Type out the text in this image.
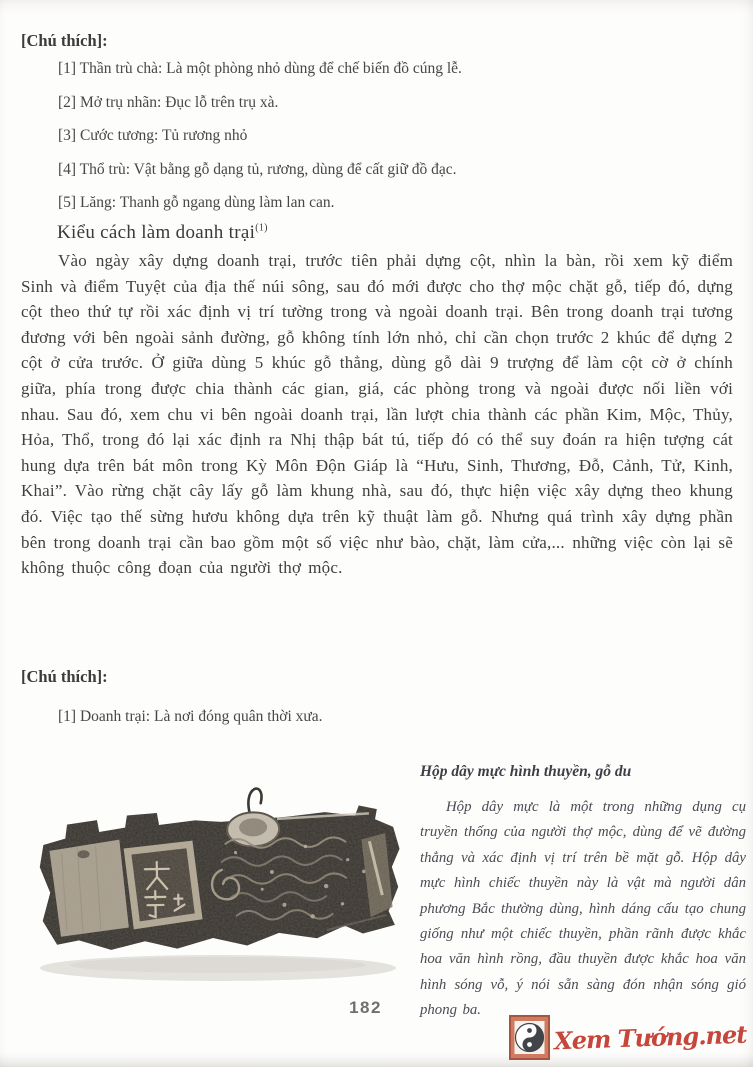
[Chú thích]:
[1] Thần trù chà: Là một phòng nhỏ dùng để chế biến đồ cúng lễ.
[2] Mở trụ nhãn: Đục lỗ trên trụ xà.
[3] Cước tương: Tủ rương nhỏ
[4] Thổ trù: Vật bằng gỗ dạng tủ, rương, dùng để cất giữ đồ đạc.
[5] Lăng: Thanh gỗ ngang dùng làm lan can.
Kiểu cách làm doanh trại$^{(1)}$

Vào ngày xây dựng doanh trại, trước tiên phải dựng cột, nhìn la bàn, rồi xem kỹ điểm Sinh và điểm Tuyệt của địa thế núi sông, sau đó mới được cho thợ mộc chặt gỗ, tiếp đó, dựng cột theo thứ tự rồi xác định vị trí tường trong và ngoài doanh trại. Bên trong doanh trại tương đương với bên ngoài sảnh đường, gỗ không tính lớn nhỏ, chỉ cần chọn trước 2 khúc để dựng 2 cột ở cửa trước. Ở giữa dùng 5 khúc gỗ thẳng, dùng gỗ dài 9 trượng để làm cột cờ ở chính giữa, phía trong được chia thành các gian, giá, các phòng trong và ngoài được nối liền với nhau. Sau đó, xem chu vi bên ngoài doanh trại, lần lượt chia thành các phần Kim, Mộc, Thủy, Hỏa, Thổ, trong đó lại xác định ra Nhị thập bát tú, tiếp đó có thể suy đoán ra hiện tượng cát hung dựa trên bát môn trong Kỳ Môn Độn Giáp là “Hưu, Sinh, Thương, Đỗ, Cảnh, Tử, Kinh, Khai”. Vào rừng chặt cây lấy gỗ làm khung nhà, sau đó, thực hiện việc xây dựng theo khung đó. Việc tạo thế sừng hươu không dựa trên kỹ thuật làm gỗ. Nhưng quá trình xây dựng phần bên trong doanh trại cần bao gồm một số việc như bào, chặt, làm cửa,... những việc còn lại sẽ không thuộc công đoạn của người thợ mộc.

[Chú thích]:
[1] Doanh trại: Là nơi đóng quân thời xưa.
Hộp dây mực hình thuyền, gỗ du

Hộp dây mực là một trong những dụng cụ truyền thống của người thợ mộc, dùng để vẽ đường thẳng và xác định vị trí trên bề mặt gỗ. Hộp dây mực hình chiếc thuyền này là vật mà người dân phương Bắc thường dùng, hình dáng cấu tạo chung giống như một chiếc thuyền, phần rãnh được khắc hoa văn hình rồng, đầu thuyền được khắc hoa văn hình sóng vỗ, ý nói sẵn sàng đón nhận sóng gió phong ba.

182
Xem Tướng.net
